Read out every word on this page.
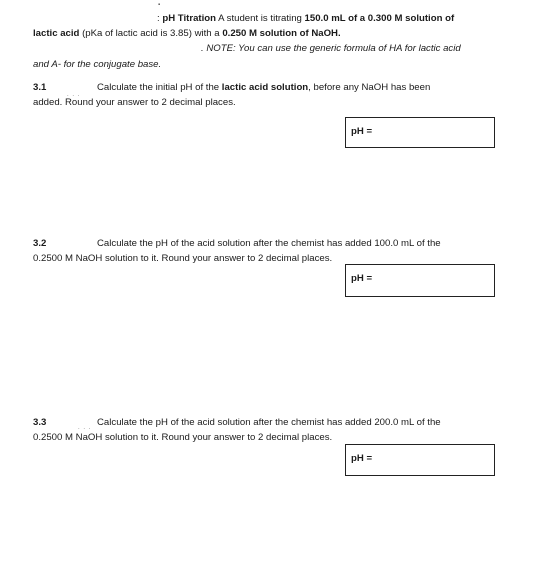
▪
: pH Titration A student is titrating 150.0 mL of a 0.300 M solution of
lactic acid (pKa of lactic acid is 3.85) with a 0.250 M solution of NaOH.
. NOTE: You can use the generic formula of HA for lactic acid
and A- for the conjugate base.
3.1
. . .
Calculate the initial pH of the lactic acid solution, before any NaOH has been
added. Round your answer to 2 decimal places.
pH =
3.2	Calculate the pH of the acid solution after the chemist has added 100.0 mL of the
0.2500 M NaOH solution to it. Round your answer to 2 decimal places.
pH =
3.3	. . . Calculate the pH of the acid solution after the chemist has added 200.0 mL of the
0.2500 M NaOH solution to it. Round your answer to 2 decimal places.
pH =
